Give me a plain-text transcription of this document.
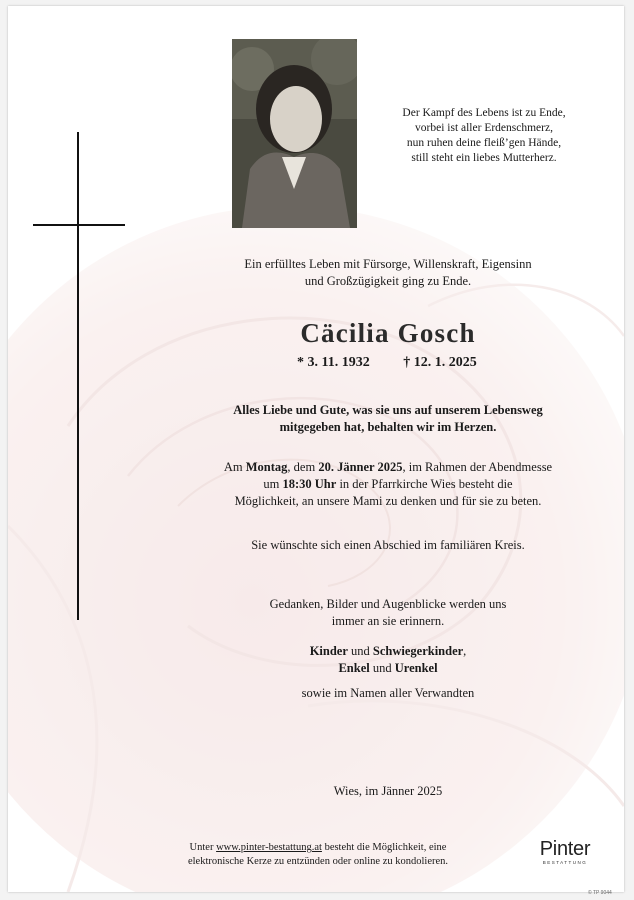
Der Kampf des Lebens ist zu Ende,
vorbei ist aller Erdenschmerz,
nun ruhen deine fleiß’gen Hände,
still steht ein liebes Mutterherz.
Ein erfülltes Leben mit Fürsorge, Willenskraft, Eigensinn
und Großzügigkeit ging zu Ende.
Cäcilia Gosch
* 3. 11. 1932 † 12. 1. 2025
Alles Liebe und Gute, was sie uns auf unserem Lebensweg
mitgegeben hat, behalten wir im Herzen.
Am Montag, dem 20. Jänner 2025, im Rahmen der Abendmesse
um 18:30 Uhr in der Pfarrkirche Wies besteht die
Möglichkeit, an unsere Mami zu denken und für sie zu beten.
Sie wünschte sich einen Abschied im familiären Kreis.
Gedanken, Bilder und Augenblicke werden uns
immer an sie erinnern.
Kinder und Schwiegerkinder,
Enkel und Urenkel
sowie im Namen aller Verwandten
Wies, im Jänner 2025
Unter www.pinter-bestattung.at besteht die Möglichkeit, eine
elektronische Kerze zu entzünden oder online zu kondolieren.
Pinter
BESTATTUNG
© TP 9044
